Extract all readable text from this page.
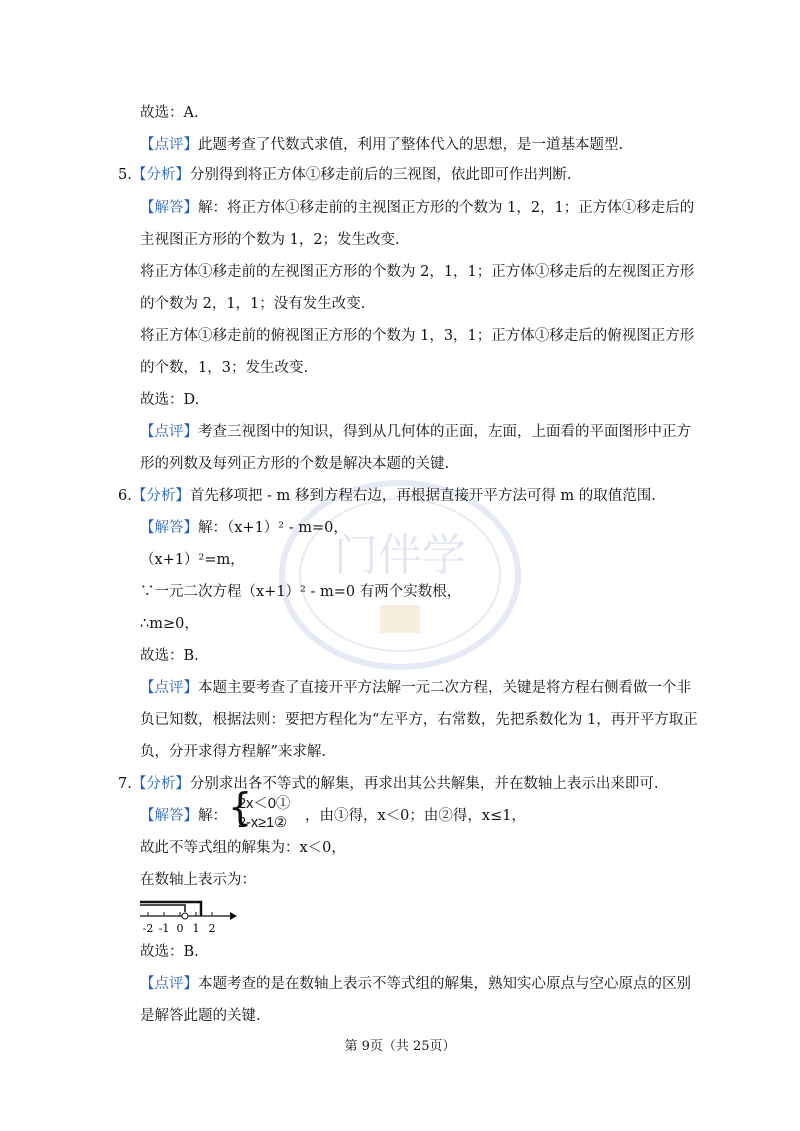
门伴学
故选：A.
【点评】此题考查了代数式求值，利用了整体代入的思想，是一道基本题型.
5.【分析】分别得到将正方体①移走前后的三视图，依此即可作出判断.
【解答】解：将正方体①移走前的主视图正方形的个数为 1，2，1；正方体①移走后的
主视图正方形的个数为 1，2；发生改变.
将正方体①移走前的左视图正方形的个数为 2，1，1；正方体①移走后的左视图正方形
的个数为 2，1，1；没有发生改变.
将正方体①移走前的俯视图正方形的个数为 1，3，1；正方体①移走后的俯视图正方形
的个数，1，3；发生改变.
故选：D.
【点评】考查三视图中的知识，得到从几何体的正面，左面，上面看的平面图形中正方
形的列数及每列正方形的个数是解决本题的关键.
6.【分析】首先移项把 - m 移到方程右边，再根据直接开平方法可得 m 的取值范围.
【解答】解：（x+1）² - m=0，
（x+1）²=m，
∵一元二次方程（x+1）² - m=0 有两个实数根，
∴m≥0，
故选：B.
【点评】本题主要考查了直接开平方法解一元二次方程，关键是将方程右侧看做一个非
负已知数，根据法则：要把方程化为“左平方，右常数，先把系数化为 1，再开平方取正
负，分开求得方程解”来求解.
7.【分析】分别求出各不等式的解集，再求出其公共解集，并在数轴上表示出来即可.
【解答】解： {
2x＜0①
2-x≥1② ，由①得，x＜0；由②得，x≤1，
故此不等式组的解集为：x＜0，
在数轴上表示为：
-2 -1 0 1 2
故选：B.
【点评】本题考查的是在数轴上表示不等式组的解集，熟知实心原点与空心原点的区别
是解答此题的关键.
第 9页（共 25页）
